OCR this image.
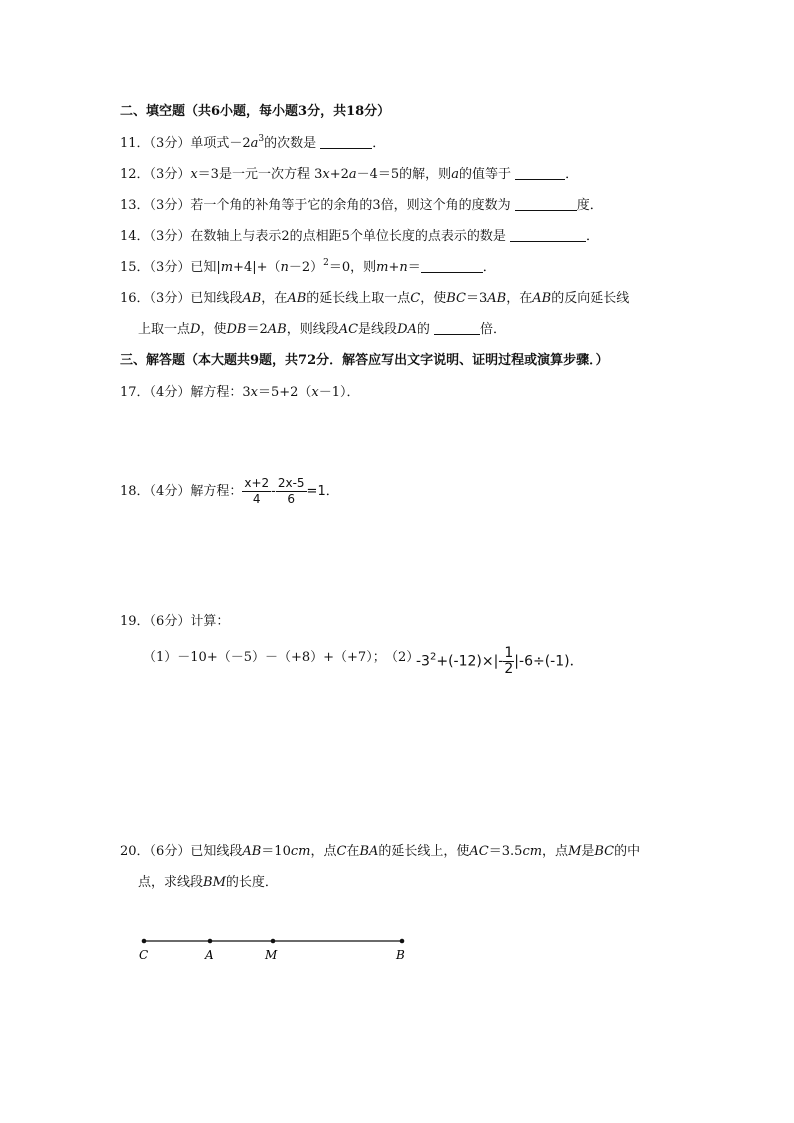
二、填空题（共6小题，每小题3分，共18分）
11．（3分）单项式$-2a^3$的次数是	．
12．（3分）x＝3是一元一次方程 3x+2a－4＝5的解，则a的值等于	．
13．（3分）若一个角的补角等于它的余角的3倍，则这个角的度数为	度．
14．（3分）在数轴上与表示2的点相距5个单位长度的点表示的数是	．
15．（3分）已知$|m+4|+(n-2)^2=0$，则m+n＝	．
16．（3分）已知线段AB，在AB的延长线上取一点C，使BC＝3AB，在AB的反向延长线
上取一点D，使DB＝2AB，则线段AC是线段DA的	倍．
三、解答题（本大题共9题，共72分．解答应写出文字说明、证明过程或演算步骤．）
17．（4分）解方程：3x＝5+2（x－1）．
18．（4分）解方程： $\frac{x+2}{4} - \frac{2x-5}{6} =1$．
19．（6分）计算：
（1）－10+（－5）－（+8）+（+7）； （2）
$-3^2+(-12)\times|- \frac{1}{2} |-6\div(-1)$．
20．（6分）已知线段AB＝10cm，点C在BA的延长线上，使AC＝3.5cm，点M是BC的中
点，求线段BM的长度．
C	A	M	B
